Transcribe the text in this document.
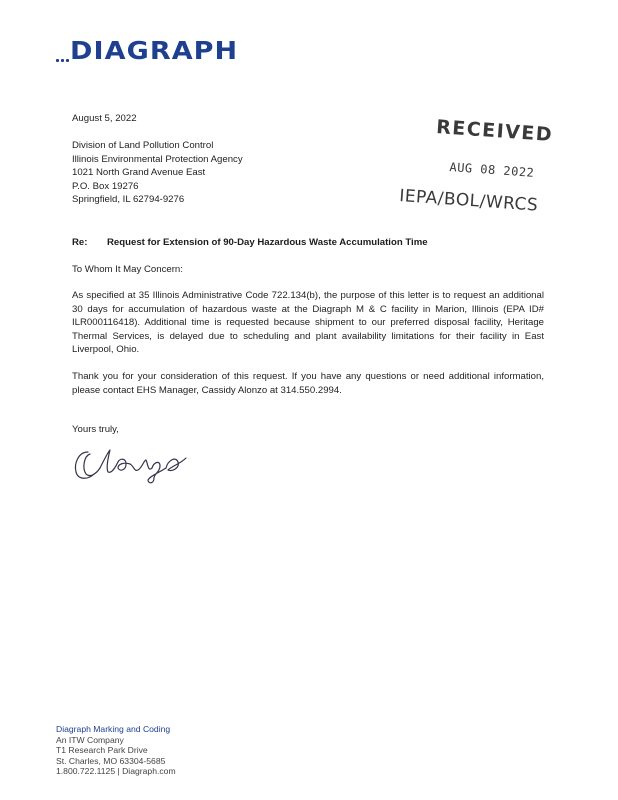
DIAGRAPH
August 5, 2022
Division of Land Pollution Control
Illinois Environmental Protection Agency
1021 North Grand Avenue East
P.O. Box 19276
Springfield, IL 62794-9276
RECEIVED
AUG 08 2022
IEPA/BOL/WRCS
Re: Request for Extension of 90-Day Hazardous Waste Accumulation Time
To Whom It May Concern:
As specified at 35 Illinois Administrative Code 722.134(b), the purpose of this letter is to request an additional 30 days for accumulation of hazardous waste at the Diagraph M & C facility in Marion, Illinois (EPA ID# ILR000116418). Additional time is requested because shipment to our preferred disposal facility, Heritage Thermal Services, is delayed due to scheduling and plant availability limitations for their facility in East Liverpool, Ohio.
Thank you for your consideration of this request. If you have any questions or need additional information, please contact EHS Manager, Cassidy Alonzo at 314.550.2994.
Yours truly,
Diagraph Marking and Coding
An ITW Company
T1 Research Park Drive
St. Charles, MO 63304-5685
1.800.722.1125 | Diagraph.com
